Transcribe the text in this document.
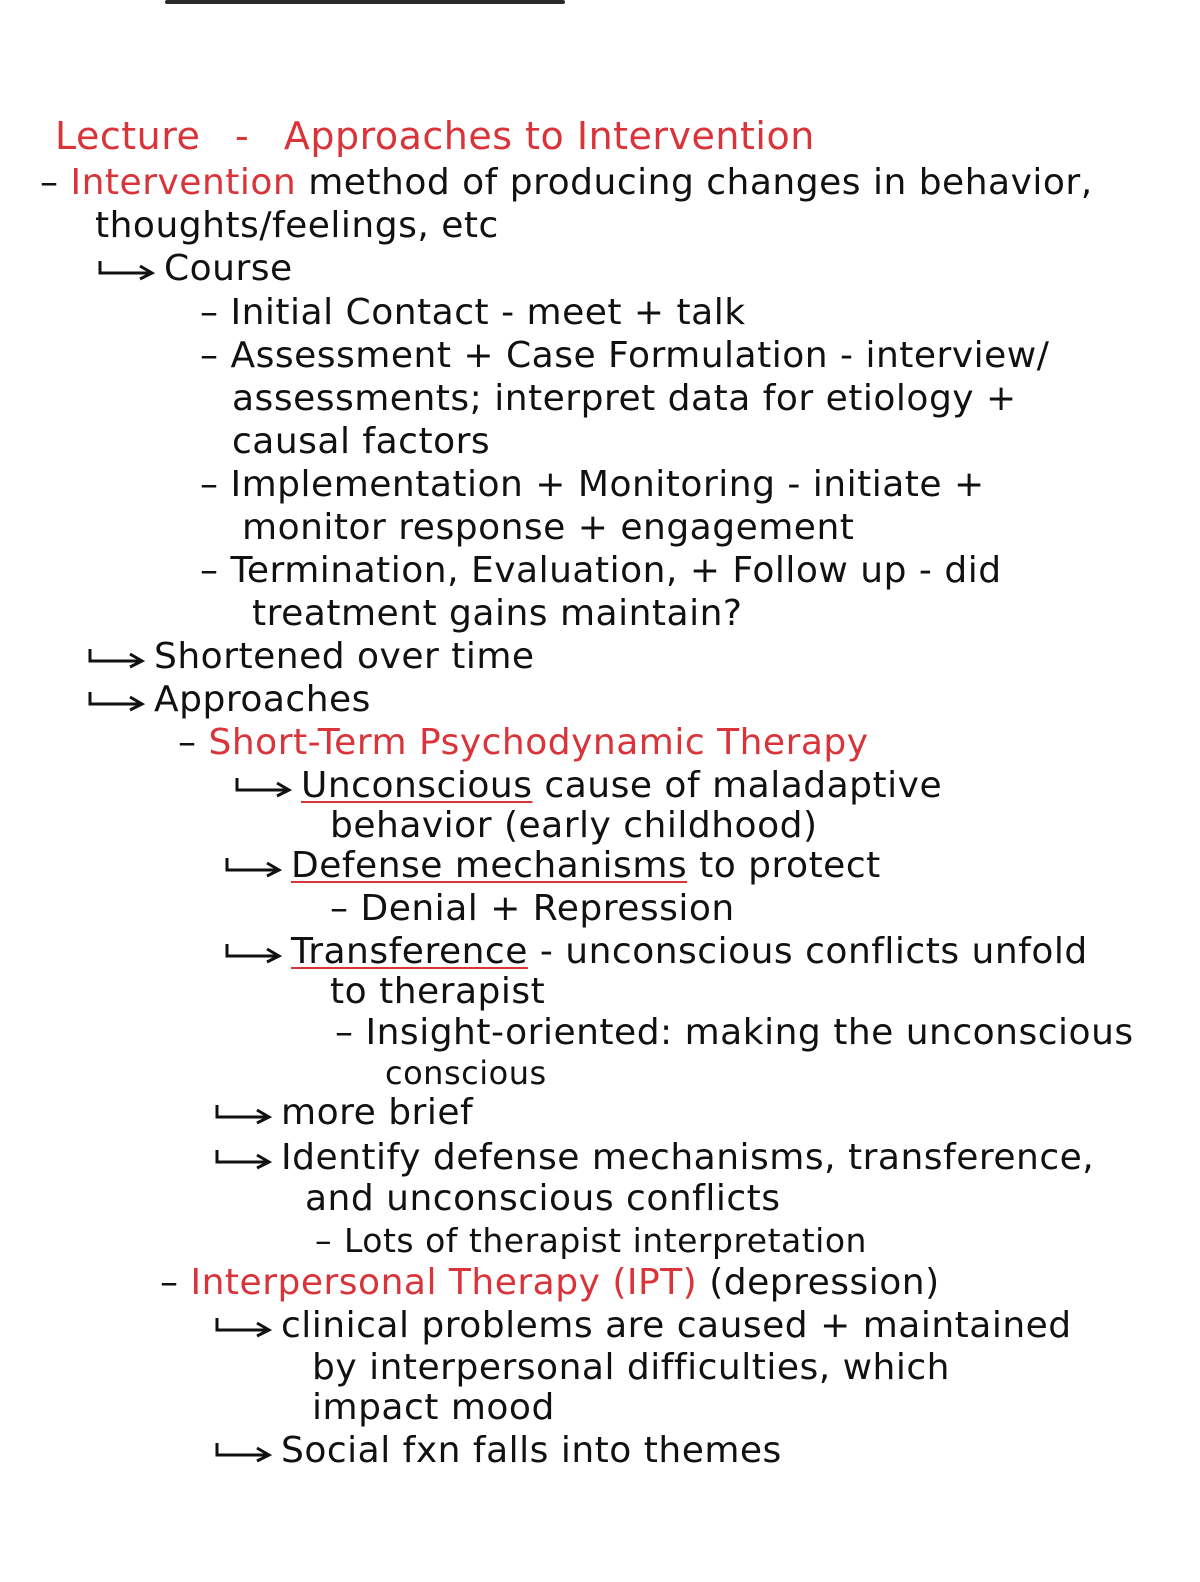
Lecture - Approaches to Intervention
– Intervention method of producing changes in behavior,
thoughts/feelings, etc
Course
– Initial Contact - meet + talk
– Assessment + Case Formulation - interview/
assessments; interpret data for etiology +
causal factors
– Implementation + Monitoring - initiate +
monitor response + engagement
– Termination, Evaluation, + Follow up - did
treatment gains maintain?
Shortened over time
Approaches
– Short-Term Psychodynamic Therapy
Unconscious cause of maladaptive
behavior (early childhood)
Defense mechanisms to protect
– Denial + Repression
Transference - unconscious conflicts unfold
to therapist
– Insight-oriented: making the unconscious
conscious
more brief
Identify defense mechanisms, transference,
and unconscious conflicts
– Lots of therapist interpretation
– Interpersonal Therapy (IPT) (depression)
clinical problems are caused + maintained
by interpersonal difficulties, which
impact mood
Social fxn falls into themes
